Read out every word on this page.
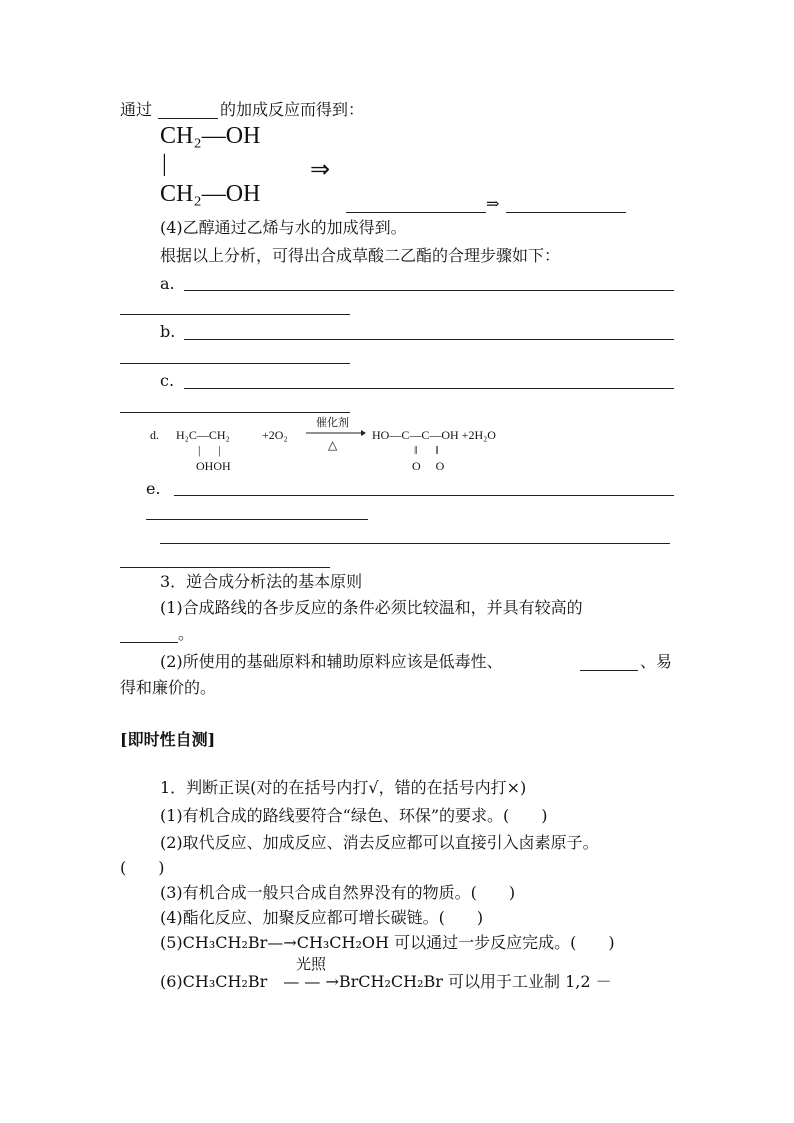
通过	的加成反应而得到：
CH₂—OH
|
CH₂—OH
⇒
⇒
(4)乙醇通过乙烯与水的加成得到。
根据以上分析，可得出合成草酸二乙酯的合理步骤如下：
a.
b.
c.
d. H₂C—CH₂
|      |
OHOH
+2O₂
催化剂
△
HO—C—C—OH +2H₂O
‖      ‖
O     O
e.
3．逆合成分析法的基本原则
(1)合成路线的各步反应的条件必须比较温和，并具有较高的
。
(2)所使用的基础原料和辅助原料应该是低毒性、	、易
得和廉价的。
[即时性自测]
1．判断正误(对的在括号内打√，错的在括号内打×)
(1)有机合成的路线要符合“绿色、环保”的要求。(　　)
(2)取代反应、加成反应、消去反应都可以直接引入卤素原子。
(　　)
(3)有机合成一般只合成自然界没有的物质。(　　)
(4)酯化反应、加聚反应都可增长碳链。(　　)
(5)CH₃CH₂Br—→CH₃CH₂OH 可以通过一步反应完成。(　　)
光照
(6)CH₃CH₂Br　— — →BrCH₂CH₂Br 可以用于工业制 1,2 －
